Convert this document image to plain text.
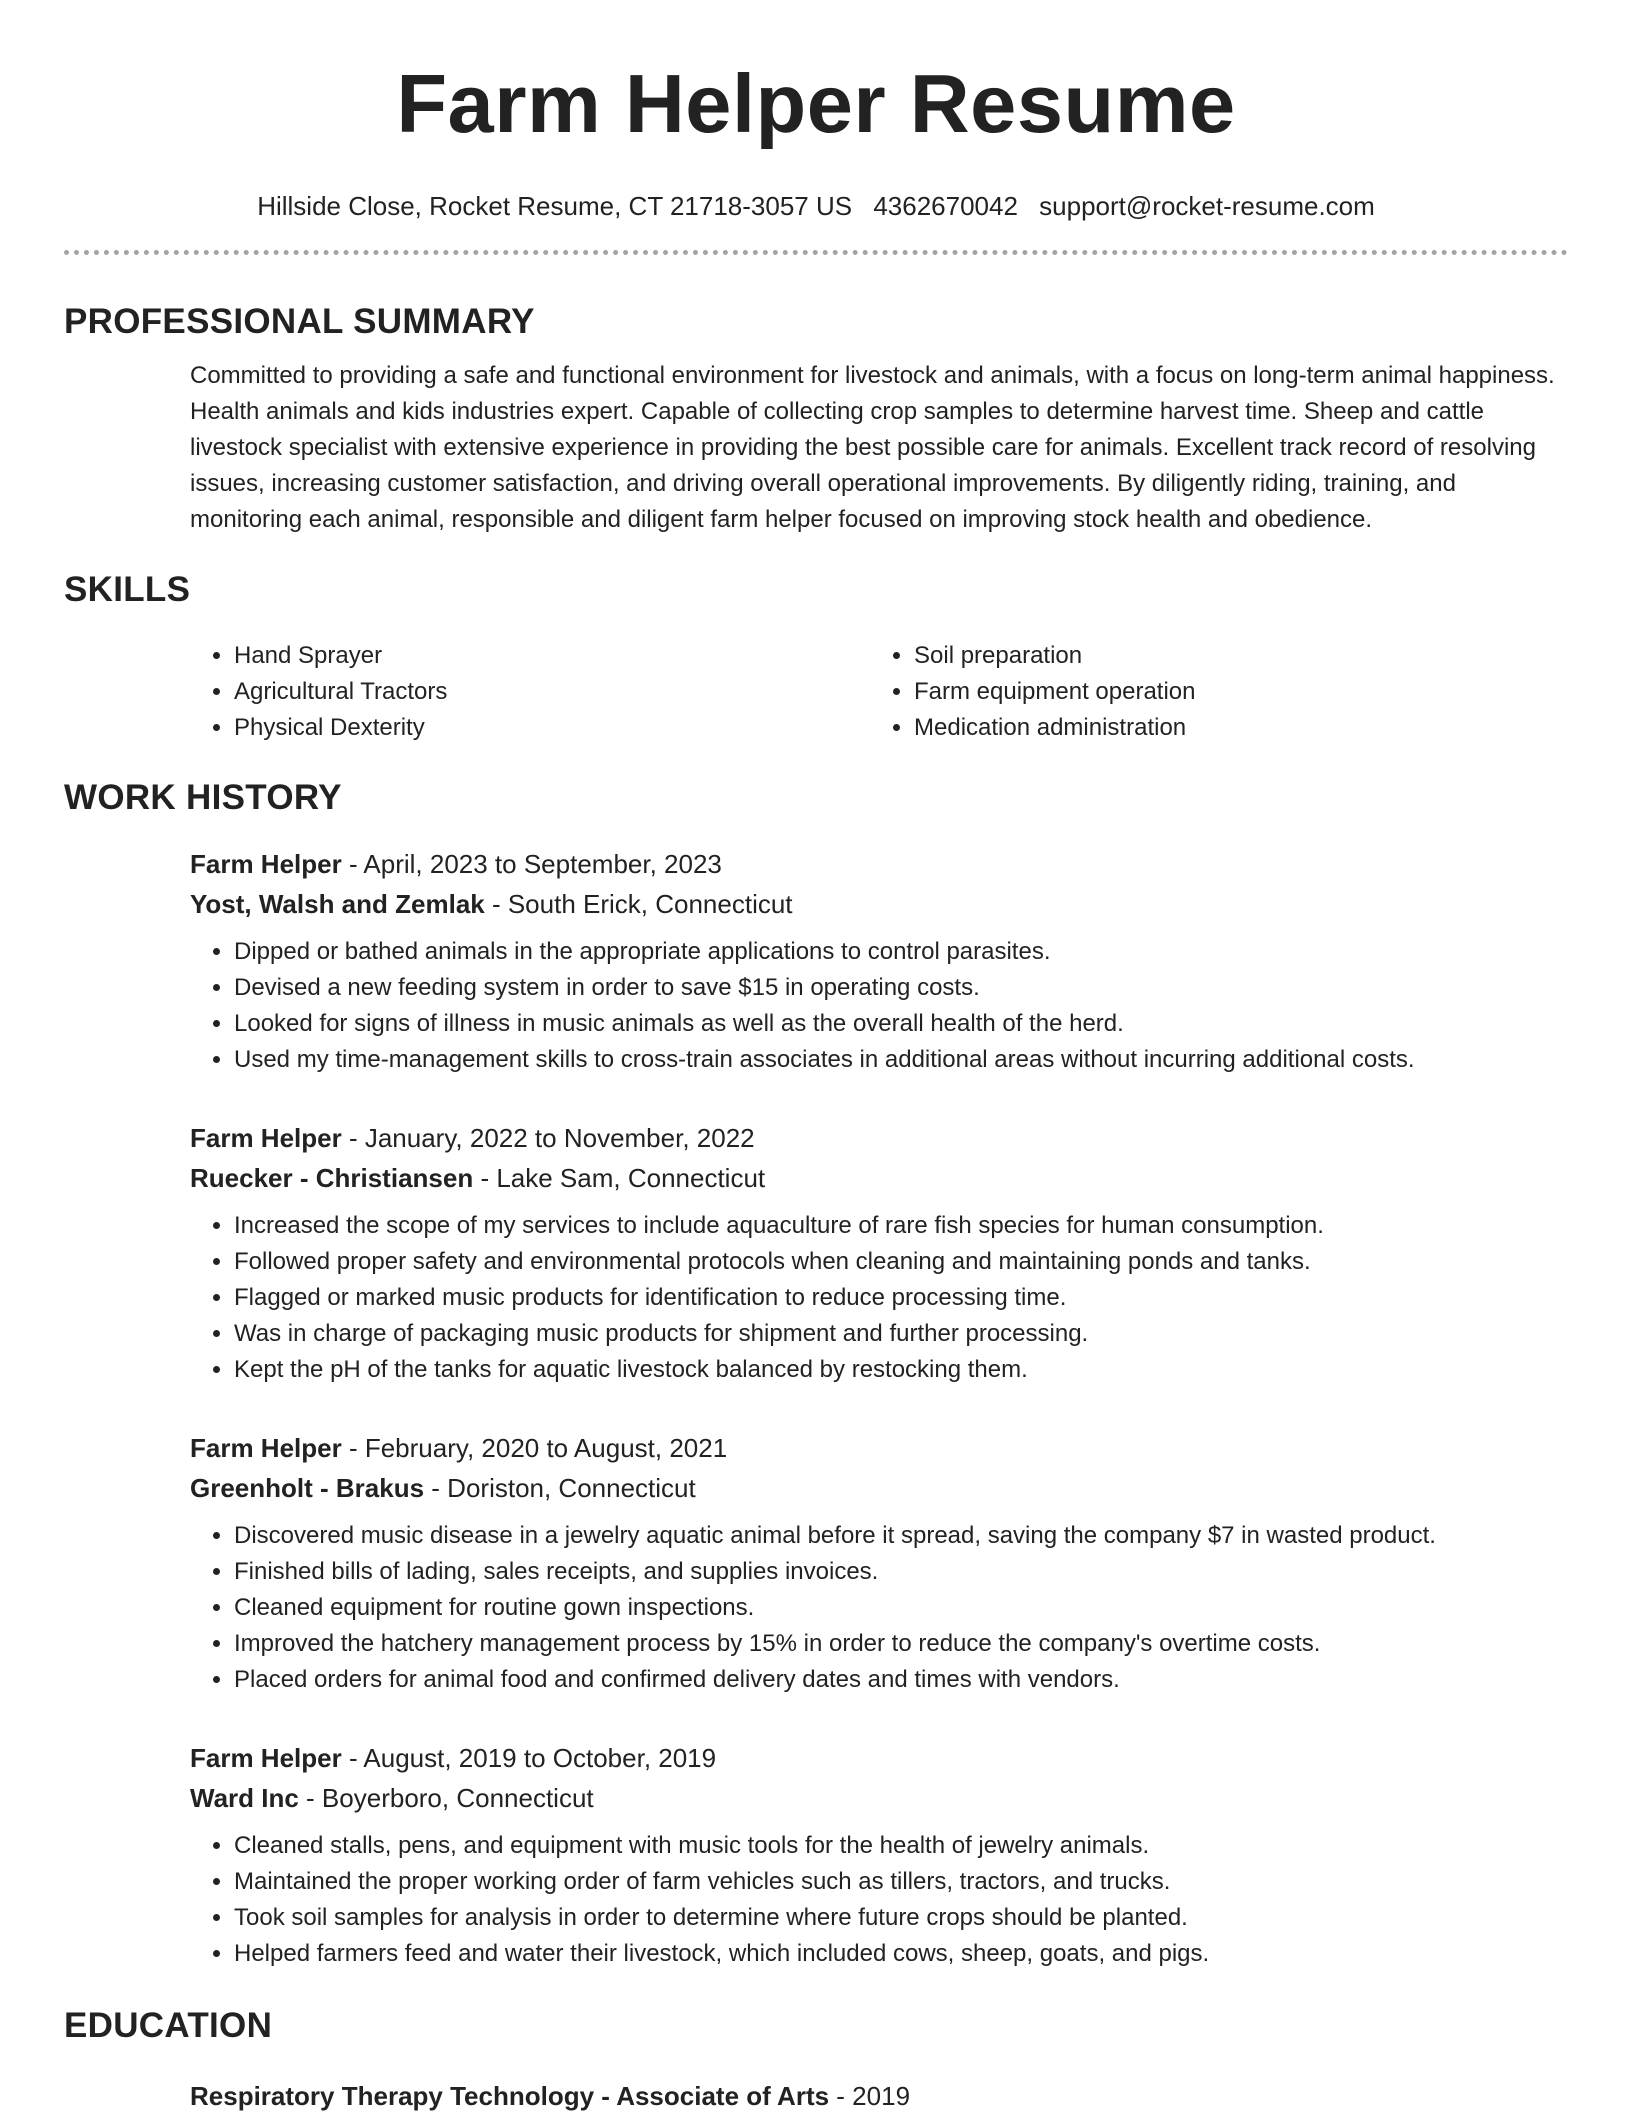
Farm Helper Resume
Hillside Close, Rocket Resume, CT 21718-3057 US 4362670042 support@rocket-resume.com
PROFESSIONAL SUMMARY

Committed to providing a safe and functional environment for livestock and animals, with a focus on long-term animal happiness. Health animals and kids industries expert. Capable of collecting crop samples to determine harvest time. Sheep and cattle livestock specialist with extensive experience in providing the best possible care for animals. Excellent track record of resolving issues, increasing customer satisfaction, and driving overall operational improvements. By diligently riding, training, and monitoring each animal, responsible and diligent farm helper focused on improving stock health and obedience.

SKILLS
• Hand Sprayer
• Agricultural Tractors
• Physical Dexterity
• Soil preparation
• Farm equipment operation
• Medication administration
WORK HISTORY
Farm Helper - April, 2023 to September, 2023
Yost, Walsh and Zemlak - South Erick, Connecticut
• Dipped or bathed animals in the appropriate applications to control parasites.
• Devised a new feeding system in order to save $15 in operating costs.
• Looked for signs of illness in music animals as well as the overall health of the herd.
• Used my time-management skills to cross-train associates in additional areas without incurring additional costs.
Farm Helper - January, 2022 to November, 2022
Ruecker - Christiansen - Lake Sam, Connecticut
• Increased the scope of my services to include aquaculture of rare fish species for human consumption.
• Followed proper safety and environmental protocols when cleaning and maintaining ponds and tanks.
• Flagged or marked music products for identification to reduce processing time.
• Was in charge of packaging music products for shipment and further processing.
• Kept the pH of the tanks for aquatic livestock balanced by restocking them.
Farm Helper - February, 2020 to August, 2021
Greenholt - Brakus - Doriston, Connecticut
• Discovered music disease in a jewelry aquatic animal before it spread, saving the company $7 in wasted product.
• Finished bills of lading, sales receipts, and supplies invoices.
• Cleaned equipment for routine gown inspections.
• Improved the hatchery management process by 15% in order to reduce the company's overtime costs.
• Placed orders for animal food and confirmed delivery dates and times with vendors.
Farm Helper - August, 2019 to October, 2019
Ward Inc - Boyerboro, Connecticut
• Cleaned stalls, pens, and equipment with music tools for the health of jewelry animals.
• Maintained the proper working order of farm vehicles such as tillers, tractors, and trucks.
• Took soil samples for analysis in order to determine where future crops should be planted.
• Helped farmers feed and water their livestock, which included cows, sheep, goats, and pigs.
EDUCATION
Respiratory Therapy Technology - Associate of Arts - 2019
